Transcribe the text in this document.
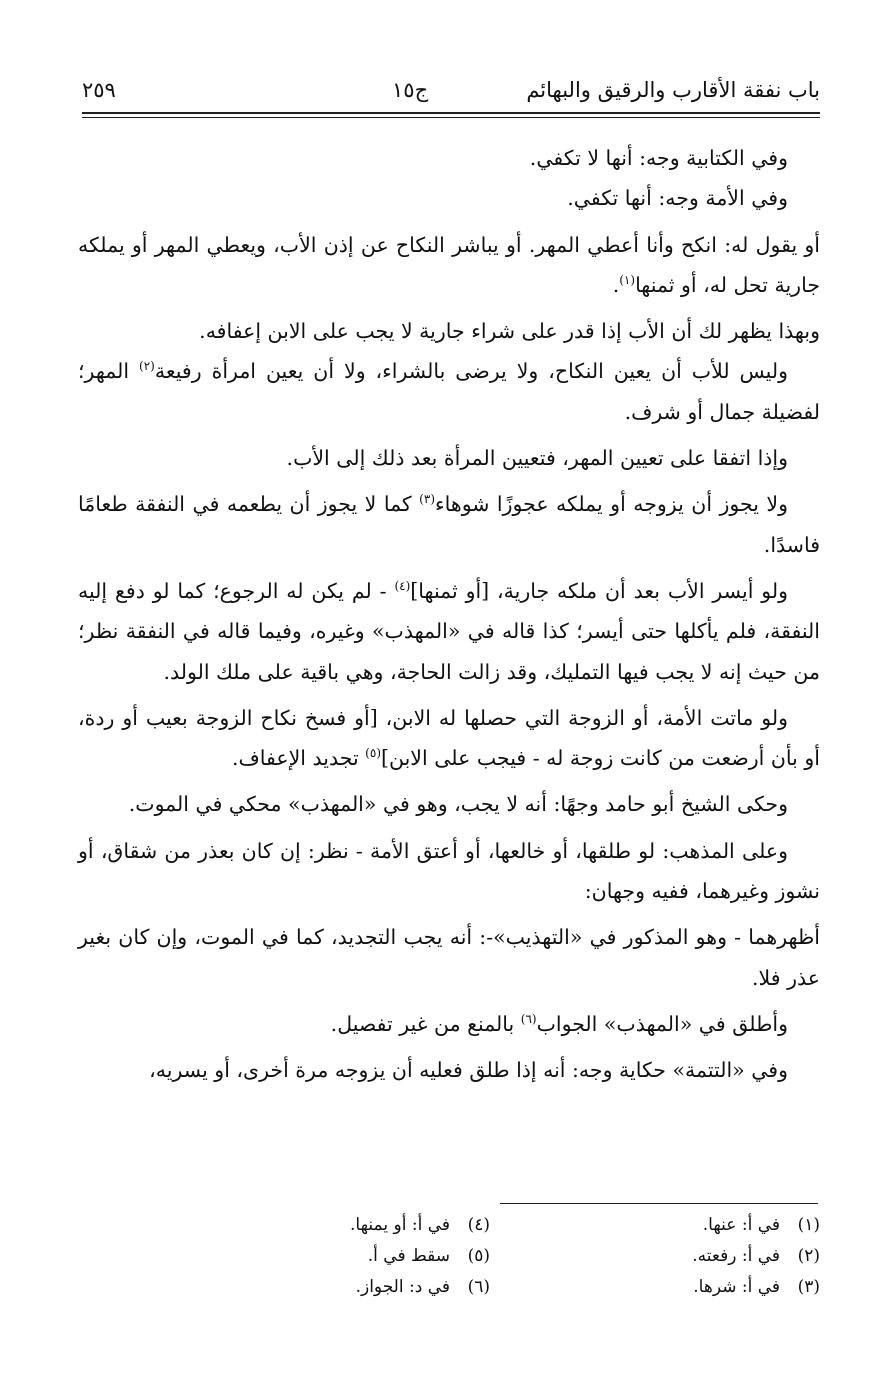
باب نفقة الأقارب والرقيق والبهائم
ج١٥
٢٥٩

وفي الكتابية وجه: أنها لا تكفي.

وفي الأمة وجه: أنها تكفي.

أو يقول له: انكح وأنا أعطي المهر. أو يباشر النكاح عن إذن الأب، ويعطي المهر أو يملكه جارية تحل له، أو ثمنها$^{(١)}$.

وبهذا يظهر لك أن الأب إذا قدر على شراء جارية لا يجب على الابن إعفافه.

وليس للأب أن يعين النكاح، ولا يرضى بالشراء، ولا أن يعين امرأة رفيعة$^{(٢)}$ المهر؛ لفضيلة جمال أو شرف.

وإذا اتفقا على تعيين المهر، فتعيين المرأة بعد ذلك إلى الأب.

ولا يجوز أن يزوجه أو يملكه عجوزًا شوهاء$^{(٣)}$ كما لا يجوز أن يطعمه في النفقة طعامًا فاسدًا.

ولو أيسر الأب بعد أن ملكه جارية، [أو ثمنها]$^{(٤)}$ - لم يكن له الرجوع؛ كما لو دفع إليه النفقة، فلم يأكلها حتى أيسر؛ كذا قاله في «المهذب» وغيره، وفيما قاله في النفقة نظر؛ من حيث إنه لا يجب فيها التمليك، وقد زالت الحاجة، وهي باقية على ملك الولد.

ولو ماتت الأمة، أو الزوجة التي حصلها له الابن، [أو فسخ نكاح الزوجة بعيب أو ردة، أو بأن أرضعت من كانت زوجة له - فيجب على الابن]$^{(٥)}$ تجديد الإعفاف.

وحكى الشيخ أبو حامد وجهًا: أنه لا يجب، وهو في «المهذب» محكي في الموت.

وعلى المذهب: لو طلقها، أو خالعها، أو أعتق الأمة - نظر: إن كان بعذر من شقاق، أو نشوز وغيرهما، ففيه وجهان:

أظهرهما - وهو المذكور في «التهذيب»-: أنه يجب التجديد، كما في الموت، وإن كان بغير عذر فلا.

وأطلق في «المهذب» الجواب$^{(٦)}$ بالمنع من غير تفصيل.

وفي «التتمة» حكاية وجه: أنه إذا طلق فعليه أن يزوجه مرة أخرى، أو يسريه،

(١)في أ: عنها.
(٢)في أ: رفعته.
(٣)في أ: شرها.
(٤)في أ: أو يمنها.
(٥)سقط في أ.
(٦)في د: الجواز.
